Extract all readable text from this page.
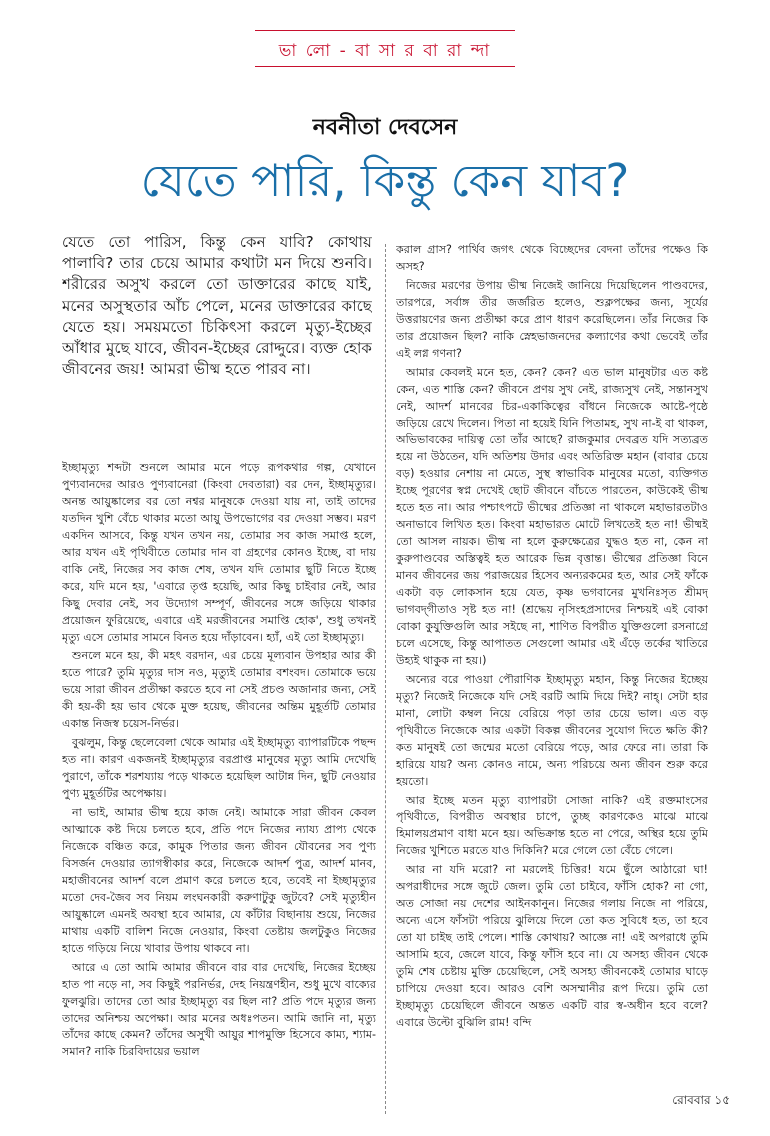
ভা লো - বা সা র বা রা ন্দা
নবনীতা দেবসেন
যেতে পারি, কিন্তু কেন যাব?
যেতে তো পারিস, কিন্তু কেন যাবি? কোথায় পালাবি? তার চেয়ে আমার কথাটা মন দিয়ে শুনবি। শরীরের অসুখ করলে তো ডাক্তারের কাছে যাই, মনের অসুস্থতার আঁচ পেলে, মনের ডাক্তারের কাছে যেতে হয়। সময়মতো চিকিৎসা করলে মৃত্যু-ইচ্ছের আঁধার মুছে যাবে, জীবন-ইচ্ছের রোদ্দুরে। ব্যক্ত হোক জীবনের জয়! আমরা ভীষ্ম হতে পারব না।

ইচ্ছামৃত্যু শব্দটা শুনলে আমার মনে পড়ে রূপকথার গল্প, যেখানে পুণ্যবানদের আরও পুণ্যবানেরা (কিংবা দেবতারা) বর দেন, ইচ্ছামৃত্যুর। অনন্ত আয়ুষ্কালের বর তো নশ্বর মানুষকে দেওয়া যায় না, তাই তাদের যতদিন খুশি বেঁচে থাকার মতো আয়ু উপভোগের বর দেওয়া সম্ভব। মরণ একদিন আসবে, কিন্তু যখন তখন নয়, তোমার সব কাজ সমাপ্ত হলে, আর যখন এই পৃথিবীতে তোমার দান বা গ্রহণের কোনও ইচ্ছে, বা দায় বাকি নেই, নিজের সব কাজ শেষ, তখন যদি তোমার ছুটি নিতে ইচ্ছে করে, যদি মনে হয়, 'এবারে তৃপ্ত হয়েছি, আর কিছু চাইবার নেই, আর কিছু দেবার নেই, সব উদ্যোগ সম্পূর্ণ, জীবনের সঙ্গে জড়িয়ে থাকার প্রয়োজন ফুরিয়েছে, এবারে এই মরজীবনের সমাপ্তি হোক', শুধু তখনই মৃত্যু এসে তোমার সামনে বিনত হয়ে দাঁড়াবেন। হ্যাঁ, এই তো ইচ্ছামৃত্যু।

শুনলে মনে হয়, কী মহৎ বরদান, এর চেয়ে মূল্যবান উপহার আর কী হতে পারে? তুমি মৃত্যুর দাস নও, মৃত্যুই তোমার বশংবদ। তোমাকে ভয়ে ভয়ে সারা জীবন প্রতীক্ষা করতে হবে না সেই প্রচণ্ড অজানার জন্য, সেই কী হয়-কী হয় ভাব থেকে মুক্ত হয়েছ, জীবনের অন্তিম মুহূর্তটি তোমার একান্ত নিজস্ব চয়েস-নির্ভর।

বুঝলুম, কিন্তু ছেলেবেলা থেকে আমার এই ইচ্ছামৃত্যু ব্যাপারটিকে পছন্দ হত না। কারণ একজনই ইচ্ছামৃত্যুর বরপ্রাপ্ত মানুষের মৃত্যু আমি দেখেছি পুরাণে, তাঁকে শরশয্যায় পড়ে থাকতে হয়েছিল আটান্ন দিন, ছুটি নেওয়ার পুণ্য মুহূর্তটির অপেক্ষায়।

না ভাই, আমার ভীষ্ম হয়ে কাজ নেই। আমাকে সারা জীবন কেবল আত্মাকে কষ্ট দিয়ে চলতে হবে, প্রতি পদে নিজের ন্যায্য প্রাপ্য থেকে নিজেকে বঞ্চিত করে, কামুক পিতার জন্য জীবন যৌবনের সব পুণ্য বিসর্জন দেওয়ার ত্যাগস্বীকার করে, নিজেকে আদর্শ পুত্র, আদর্শ মানব, মহাজীবনের আদর্শ বলে প্রমাণ করে চলতে হবে, তবেই না ইচ্ছামৃত্যুর মতো দেব-জৈব সব নিয়ম লংঘনকারী করুণাটুকু জুটবে? সেই মৃত্যুহীন আয়ুষ্কালে এমনই অবস্থা হবে আমার, যে কাঁটার বিছানায় শুয়ে, নিজের মাথায় একটি বালিশ নিজে নেওয়ার, কিংবা তেষ্টায় জলটুকুও নিজের হাতে গড়িয়ে নিয়ে খাবার উপায় থাকবে না।

আরে এ তো আমি আমার জীবনে বার বার দেখেছি, নিজের ইচ্ছেয় হাত পা নড়ে না, সব কিছুই পরনির্ভর, দেহ নিয়ন্ত্রণহীন, শুধু মুখে বাক্যের ফুলঝুরি। তাদের তো আর ইচ্ছামৃত্যু বর ছিল না? প্রতি পদে মৃত্যুর জন্য তাদের অনিশ্চয় অপেক্ষা। আর মনের অধঃপতন। আমি জানি না, মৃত্যু তাঁদের কাছে কেমন? তাঁদের অসুখী আয়ুর শাপমুক্তি হিসেবে কাম্য, শ্যাম-সমান? নাকি চিরবিদায়ের ভয়াল

করাল গ্রাস? পার্থিব জগৎ থেকে বিচ্ছেদের বেদনা তাঁদের পক্ষেও কি অসহ?

নিজের মরণের উপায় ভীষ্ম নিজেই জানিয়ে দিয়েছিলেন পাণ্ডবদের, তারপরে, সর্বাঙ্গ তীর জর্জরিত হলেও, শুক্লপক্ষের জন্য, সূর্যের উত্তরায়ণের জন্য প্রতীক্ষা করে প্রাণ ধারণ করেছিলেন। তাঁর নিজের কি তার প্রয়োজন ছিল? নাকি স্নেহভাজনদের কল্যাণের কথা ভেবেই তাঁর এই লগ্ন গণনা?

আমার কেবলই মনে হত, কেন? কেন? এত ভাল মানুষটার এত কষ্ট কেন, এত শাস্তি কেন? জীবনে প্রণয় সুখ নেই, রাজ্যসুখ নেই, সন্তানসুখ নেই, আদর্শ মানবের চির-একাকিত্বের বাঁধনে নিজেকে আষ্টে-পৃষ্ঠে জড়িয়ে রেখে দিলেন। পিতা না হয়েই যিনি পিতামহ, সুখ না-ই বা থাকল, অভিভাবকের দায়িত্ব তো তাঁর আছে? রাজকুমার দেবব্রত যদি সত্যব্রত হয়ে না উঠতেন, যদি অতিশয় উদার এবং অতিরিক্ত মহান (বাবার চেয়ে বড়) হওয়ার নেশায় না মেতে, সুস্থ স্বাভাবিক মানুষের মতো, ব্যক্তিগত ইচ্ছে পূরণের স্বপ্ন দেখেই ছোট জীবনে বাঁচতে পারতেন, কাউকেই ভীষ্ম হতে হত না। আর পশ্চাৎপটে ভীষ্মের প্রতিজ্ঞা না থাকলে মহাভারতটাও অনাভাবে লিখিত হত। কিংবা মহাভারত মোটে লিখতেই হত না! ভীষ্মই তো আসল নায়ক। ভীষ্ম না হলে কুরুক্ষেত্রের যুদ্ধও হত না, কেন না কুরুপাণ্ডবের অস্তিত্বই হত আরেক ভিন্ন বৃত্তান্ত। ভীষ্মের প্রতিজ্ঞা বিনে মানব জীবনের জয় পরাজয়ের হিসেব অন্যরকমের হত, আর সেই ফাঁকে একটা বড় লোকসান হয়ে যেত, কৃষ্ণ ভগবানের মুখনিঃসৃত শ্রীমদ্ ভাগবদ্‌গীতাও সৃষ্ট হত না! (শ্রদ্ধেয় নৃসিংহপ্রসাদের নিশ্চয়ই এই বোকা বোকা কুযুক্তিগুলি আর সইছে না, শাণিত বিপরীত যুক্তিগুলো রসনাগ্রে চলে এসেছে, কিন্তু আপাতত সেগুলো আমার এই এঁড়ে তর্কের খাতিরে উহ্যই থাকুক না হয়।)

অন্যের বরে পাওয়া পৌরাণিক ইচ্ছামৃত্যু মহান, কিন্তু নিজের ইচ্ছেয় মৃত্যু? নিজেই নিজেকে যদি সেই বরটি আমি দিয়ে দিই? নাহ্‌। সেটা হার মানা, লোটা কম্বল নিয়ে বেরিয়ে পড়া তার চেয়ে ভাল। এত বড় পৃথিবীতে নিজেকে আর একটা বিকল্প জীবনের সুযোগ দিতে ক্ষতি কী? কত মানুষই তো জন্মের মতো বেরিয়ে পড়ে, আর ফেরে না। তারা কি হারিয়ে যায়? অন্য কোনও নামে, অন্য পরিচয়ে অন্য জীবন শুরু করে হয়তো।

আর ইচ্ছে মতন মৃত্যু ব্যাপারটা সোজা নাকি? এই রক্তমাংসের পৃথিবীতে, বিপরীত অবস্থার চাপে, তুচ্ছ কারণকেও মাঝে মাঝে হিমালয়প্রমাণ বাধা মনে হয়। অভিক্রান্ত হতে না পেরে, অস্থির হয়ে তুমি নিজের খুশিতে মরতে যাও দিকিনি? মরে গেলে তো বেঁচে গেলে।

আর না যদি মরো? না মরলেই চিত্তির! যমে ছুঁলে আঠারো ঘা! অপরাধীদের সঙ্গে জুটে জেল। তুমি তো চাইবে, ফাঁসি হোক? না গো, অত সোজা নয় দেশের আইনকানুন। নিজের গলায় নিজে না পরিয়ে, অন্যে এসে ফাঁসটা পরিয়ে ঝুলিয়ে দিলে তো কত সুবিধে হত, তা হবে তো যা চাইছ তাই পেলে। শাস্তি কোথায়? আজ্ঞে না! এই অপরাধে তুমি আসামি হবে, জেলে যাবে, কিন্তু ফাঁসি হবে না। যে অসহ্য জীবন থেকে তুমি শেষ চেষ্টায় মুক্তি চেয়েছিলে, সেই অসহ্য জীবনকেই তোমার ঘাড়ে চাপিয়ে দেওয়া হবে। আরও বেশি অসম্মানীর রূপ দিয়ে। তুমি তো ইচ্ছামৃত্যু চেয়েছিলে জীবনে অন্তত একটি বার স্ব-অধীন হবে বলে? এবারে উল্টো বুঝিলি রাম! বন্দি

রোববার ১৫
